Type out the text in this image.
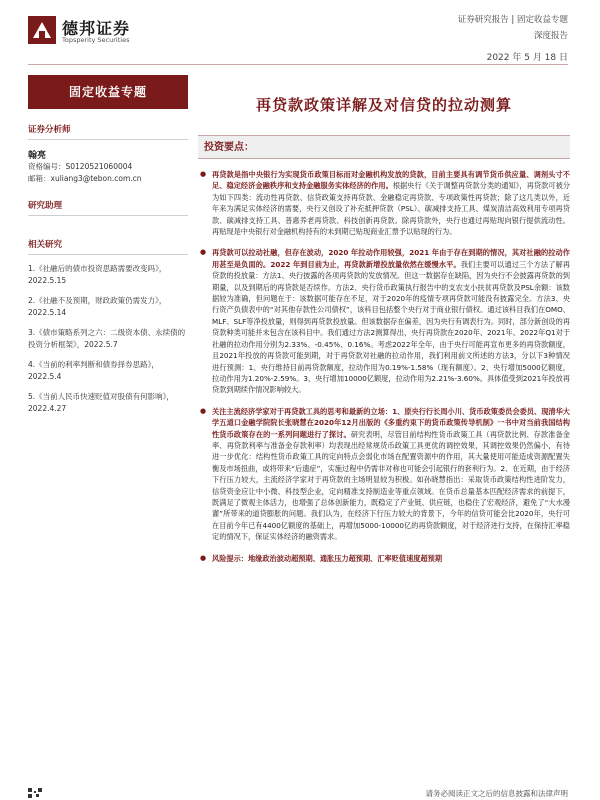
德邦证券
Topsperity Securities
证券研究报告 | 固定收益专题
深度报告
2022 年 5 月 18 日
固定收益专题
证券分析师
翰亮
资格编号：S0120521060004
邮箱：xuliang3@tebon.com.cn
研究助理
相关研究
1.《社融后的债市投资思路需要改变吗》，2022.5.15
2.《社融不及预期，财政政策仍需发力》，2022.5.14
3.《债市策略系列之六：二级资本债、永续债的投资分析框架》，2022.5.7
4.《当前的利率判断和债券择券思路》，2022.5.4
5.《当前人民币快速贬值对股债有何影响》，2022.4.27
再贷款政策详解及对信贷的拉动测算
投资要点：
● 再贷款是指中央银行为实现货币政策目标而对金融机构发放的贷款，目前主要具有调节货币供应量、调剂头寸不足、稳定经济金融秩序和支持金融服务实体经济的作用。根据央行《关于调整再贷款分类的通知》，再贷款可被分为如下四类：流动性再贷款、信贷政策支持再贷款、金融稳定再贷款、专项政策性再贷款；除了这几类以外，近年来为满足实体经济的需要，央行又创设了补充抵押贷款（PSL）、碳减排支持工具、煤炭清洁高效利用专项再贷款、碳减排支持工具、普惠养老再贷款、科技创新再贷款。除再贷款外，央行也通过再贴现向银行提供流动性。再贴现是中央银行对金融机构持有的未到期已贴现商业汇票予以贴现的行为。
● 再贷款可以拉动社融，但存在波动，2020 年拉动作用较强，2021 年由于存在到期的情况，其对社融的拉动作用甚至是负面的。2022 年到目前为止，再贷款新增投放量依然在缓慢水平。我们主要可以通过三个方法了解再贷款的投放量：方法1、央行披露的各项再贷款的发放情况。但这一数据存在缺陷，因为央行不会披露再贷款的到期量，以及到期后的再贷款是否续作。方法2、央行货币政策执行报告中的支农支小扶贫再贷款及PSL余额：该数据较为准确，但问题在于：该数据可能存在不足，对于2020年的疫情专项再贷款可能没有披露完全。方法3、央行资产负债表中的“对其他存款性公司债权”，该科目包括整个央行对于商业银行债权。通过该科目我们在OMO、MLF、SLF等净投放量，则得到再贷款投放量。但该数据存在偏差，因为央行有调表行为。同时，部分新创设的再贷款种类可能并未包含在该科目中。我们通过方法2测算得出，央行再贷款在2020年、2021年、2022年Q1对于社融的拉动作用分别为2.33%、-0.45%、0.16%。考虑2022年全年，由于央行可能再宣布更多的再贷款额度，且2021年投放的再贷款可能到期，对于再贷款对社融的拉动作用，我们利用前文所述的方法3，分以下3种情况进行预测：1、央行维持目前再贷款额度，拉动作用为0.19%-1.58%（现有额度）。2、央行增加5000亿额度，拉动作用为1.20%-2.59%。3、央行增加10000亿额度，拉动作用为2.21%-3.60%。具体值受到2021年投放再贷款到期续作情况影响较大。
● 关注主流经济学家对于再贷款工具的思考和最新的立场：1、原央行行长周小川、货币政策委员会委员、现清华大学五道口金融学院院长张晓慧在2020年12月出版的《多重约束下的货币政策传导机制》一书中对当前我国结构性货币政策存在的一系列问题进行了探讨。研究表明，尽管目前结构性货币政策工具（再贷款比例、存款准备金率、再贷款利率与准备金存款利率）均表现出经常规货币政策工具更优的调控效果，其调控效果仍然偏小，有待进一步优化：结构性货币政策工具的定向特点会弱化市场在配置资源中的作用，其大量使用可能造成资源配置失衡及市场扭曲，或将带来“后遗症”，实施过程中仍需非对称也可能会引起银行的套利行为。2、在近期，由于经济下行压力较大，主流经济学家对于再贷款的主场明显较为积极。如孙晓慧指出：采取货币政策结构性进阶发力，信贷资金应让中小微、科技型企业，定向精准支持制造业等重点领域。在货币总量基本匹配经济需求的前提下，既满足了微观主体活力，也增强了总体创新能力，既稳定了产业链、供应链，也稳住了宏观经济，避免了“大水漫灌”所带来的道贷膨胀的问题。我们认为，在经济下行压力较大的背景下，今年的信贷可能会比2020年，央行可在目前今年已有4400亿额度的基础上，再增加5000-10000亿的再贷款额度，对于经济进行支持，在保持汇率稳定的情况下，保证实体经济的融资需求。
● 风险提示：地缘政治波动超预期、通胀压力超预期、汇率贬值速度超预期
请务必阅读正文之后的信息披露和法律声明
